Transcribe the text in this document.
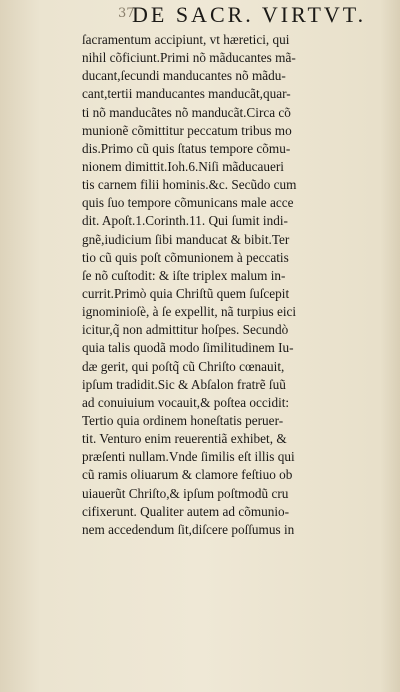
37
DE SACR. VIRTVT.
ſacramentum accipiunt, vt hæretici, qui
nihil cõficiunt.Primi nõ mãducantes mã-
ducant,ſecundi manducantes nõ mãdu-
cant,tertii manducantes manducãt,quar-
ti nõ manducãtes nõ manducãt.Circa cõ
munionẽ cõmittitur peccatum tribus mo
dis.Primo cũ quis ſtatus tempore cõmu-
nionem dimittit.Ioh.6.Niſi mãducaueri
tis carnem filii hominis.&c. Secũdo cum
quis ſuo tempore cõmunicans male acce
dit. Apoſt.1.Corinth.11. Qui ſumit indi-
gnẽ,iudicium ſibi manducat & bibit.Ter
tio cũ quis poſt cõmunionem à peccatis
ſe nõ cuſtodit: & iſte triplex malum in-
currit.Primò quia Chriſtũ quem ſuſcepit
ignominioſè, à ſe expellit, nã turpius eici
icitur,q̃ non admittitur hoſpes. Secundò
quia talis quodã modo ſimilitudinem Iu-
dæ gerit, qui poſtq̃ cũ Chriſto cœnauit,
ipſum tradidit.Sic & Abſalon fratrẽ ſuũ
ad conuiuium vocauit,& poſtea occidit:
Tertio quia ordinem honeſtatis peruer-
tit. Venturo enim reuerentiã exhibet, &
præſenti nullam.Vnde ſimilis eſt illis qui
cũ ramis oliuarum & clamore feſtiuo ob
uiauerũt Chriſto,& ipſum poſtmodũ cru
cifixerunt. Qualiter autem ad cõmunio-
nem accedendum ſit,diſcere poſſumus in
